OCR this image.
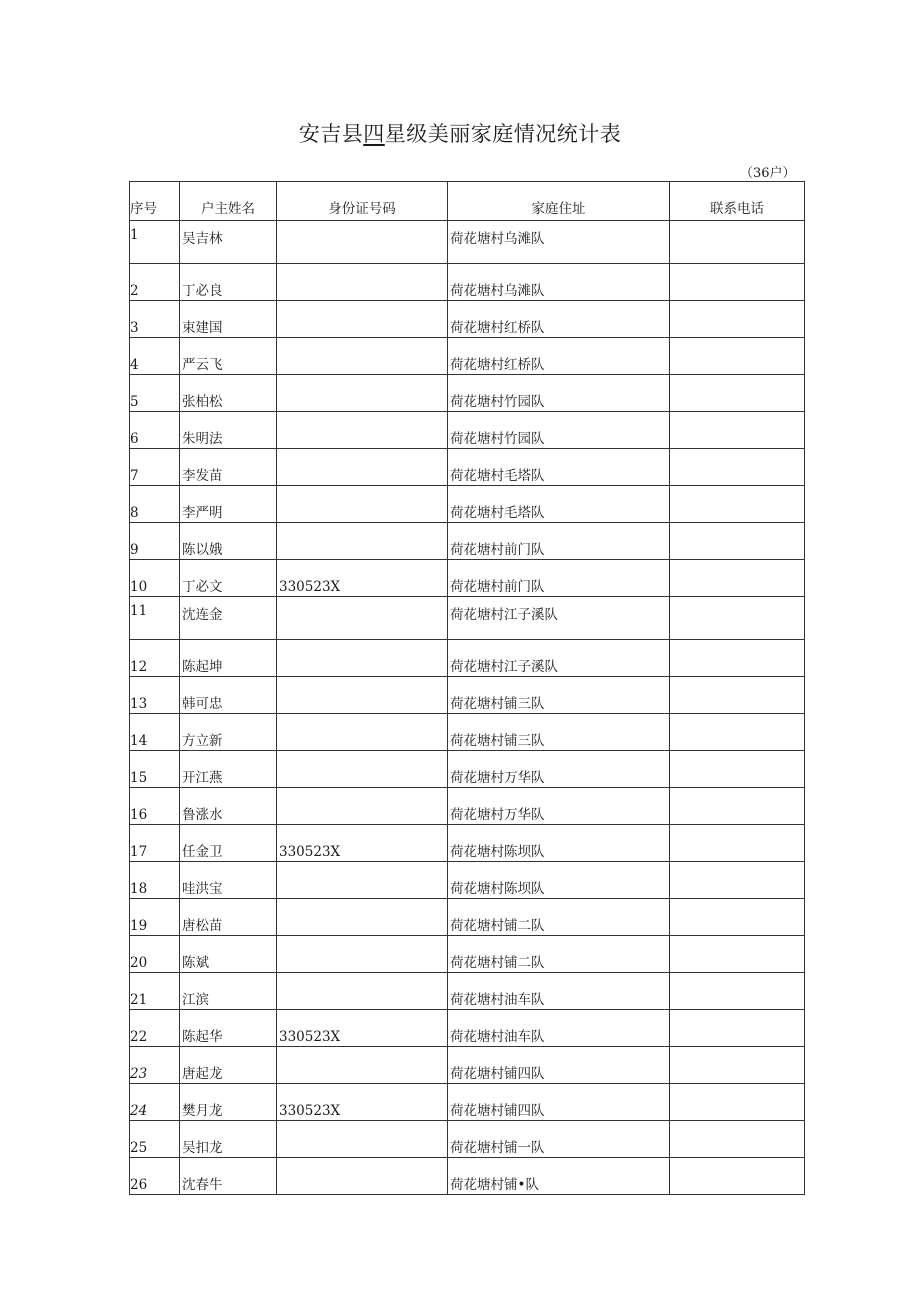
安吉县四星级美丽家庭情况统计表
（36户）
序号	户主姓名	身份证号码	家庭住址	联系电话
1	吴吉林		荷花塘村乌滩队	
2	丁必良		荷花塘村乌滩队	
3	束建国		荷花塘村红桥队	
4	严云飞		荷花塘村红桥队	
5	张柏松		荷花塘村竹园队	
6	朱明法		荷花塘村竹园队	
7	李发苗		荷花塘村毛塔队	
8	李严明		荷花塘村毛塔队	
9	陈以娥		荷花塘村前门队	
10	丁必文	330523X	荷花塘村前门队	
11	沈连金		荷花塘村江子溪队	
12	陈起坤		荷花塘村江子溪队	
13	韩可忠		荷花塘村铺三队	
14	方立新		荷花塘村铺三队	
15	开江燕		荷花塘村万华队	
16	鲁涨水		荷花塘村万华队	
17	任金卫	330523X	荷花塘村陈坝队	
18	哇洪宝		荷花塘村陈坝队	
19	唐松苗		荷花塘村铺二队	
20	陈斌		荷花塘村铺二队	
21	江滨		荷花塘村油车队	
22	陈起华	330523X	荷花塘村油车队	
23	唐起龙		荷花塘村铺四队	
24	樊月龙	330523X	荷花塘村铺四队	
25	吴扣龙		荷花塘村铺一队	
26	沈春牛		荷花塘村铺•队	
